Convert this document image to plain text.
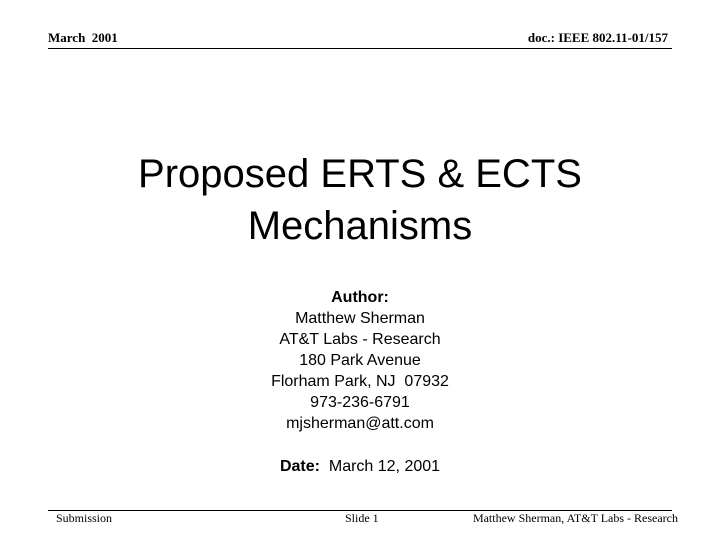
March  2001	doc.: IEEE 802.11-01/157
Proposed ERTS & ECTS
Mechanisms
Author:
Matthew Sherman
AT&T Labs - Research
180 Park Avenue
Florham Park, NJ  07932
973-236-6791
mjsherman@att.com
Date:  March 12, 2001
Submission	Slide 1	Matthew Sherman, AT&T Labs - Research
